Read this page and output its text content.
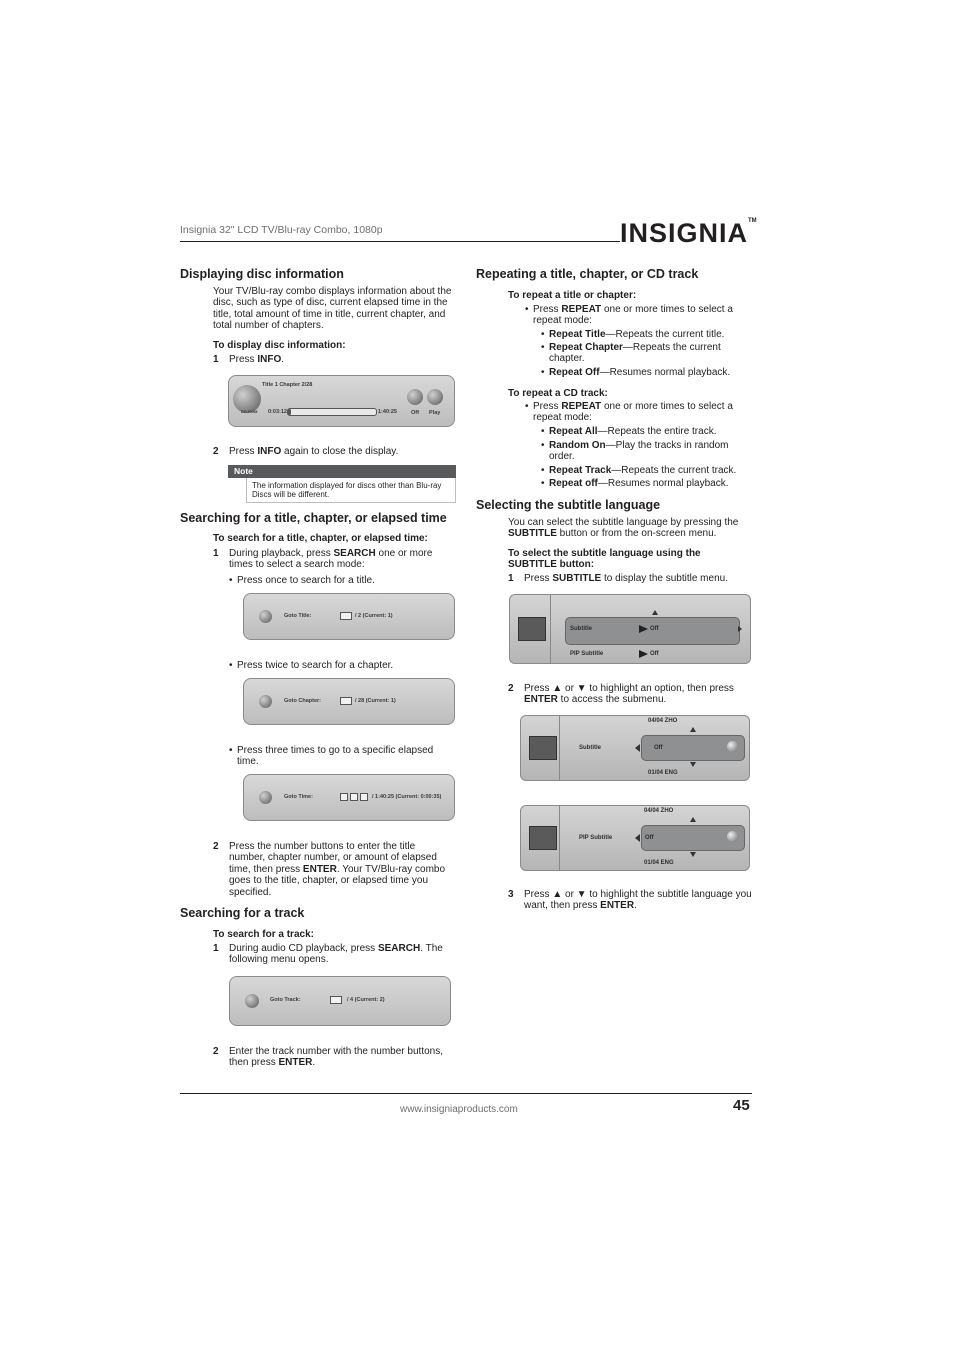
Insignia 32" LCD TV/Blu-ray Combo, 1080p	INSIGNIA™
Displaying disc information
Your TV/Blu-ray combo displays information about the disc, such as type of disc, current elapsed time in the title, total amount of time in title, current chapter, and total number of chapters.
To display disc information:
1 Press INFO.
BD-ROM
Title 1 Chapter 2/28
0:03:12	1:40:25	Off Play
2 Press INFO again to close the display.
Note
The information displayed for discs other than Blu-ray Discs will be different.
Searching for a title, chapter, or elapsed time
To search for a title, chapter, or elapsed time:
1 During playback, press SEARCH one or more times to select a search mode:
• Press once to search for a title.
Goto Title:	/ 2 (Current: 1)
• Press twice to search for a chapter.
Goto Chapter:	/ 28 (Current: 1)
• Press three times to go to a specific elapsed time.
Goto Time:	/ 1:40:25 (Current: 0:00:35)
2 Press the number buttons to enter the title number, chapter number, or amount of elapsed time, then press ENTER. Your TV/Blu-ray combo goes to the title, chapter, or elapsed time you specified.
Searching for a track
To search for a track:
1 During audio CD playback, press SEARCH. The following menu opens.
Goto Track:	/ 4 (Current: 2)
2 Enter the track number with the number buttons, then press ENTER.
Repeating a title, chapter, or CD track
To repeat a title or chapter:
• Press REPEAT one or more times to select a repeat mode:
• Repeat Title—Repeats the current title.
• Repeat Chapter—Repeats the current chapter.
• Repeat Off—Resumes normal playback.
To repeat a CD track:
• Press REPEAT one or more times to select a repeat mode:
• Repeat All—Repeats the entire track.
• Random On—Play the tracks in random order.
• Repeat Track—Repeats the current track.
• Repeat off—Resumes normal playback.
Selecting the subtitle language
You can select the subtitle language by pressing the SUBTITLE button or from the on-screen menu.
To select the subtitle language using the SUBTITLE button:
1 Press SUBTITLE to display the subtitle menu.
Subtitle	Off
PIP Subtitle	Off
2 Press ▲ or ▼ to highlight an option, then press ENTER to access the submenu.
Subtitle
04/04 ZHO
Off
01/04 ENG
PIP Subtitle
04/04 ZHO
Off
01/04 ENG
3 Press ▲ or ▼ to highlight the subtitle language you want, then press ENTER.
www.insigniaproducts.com	45
